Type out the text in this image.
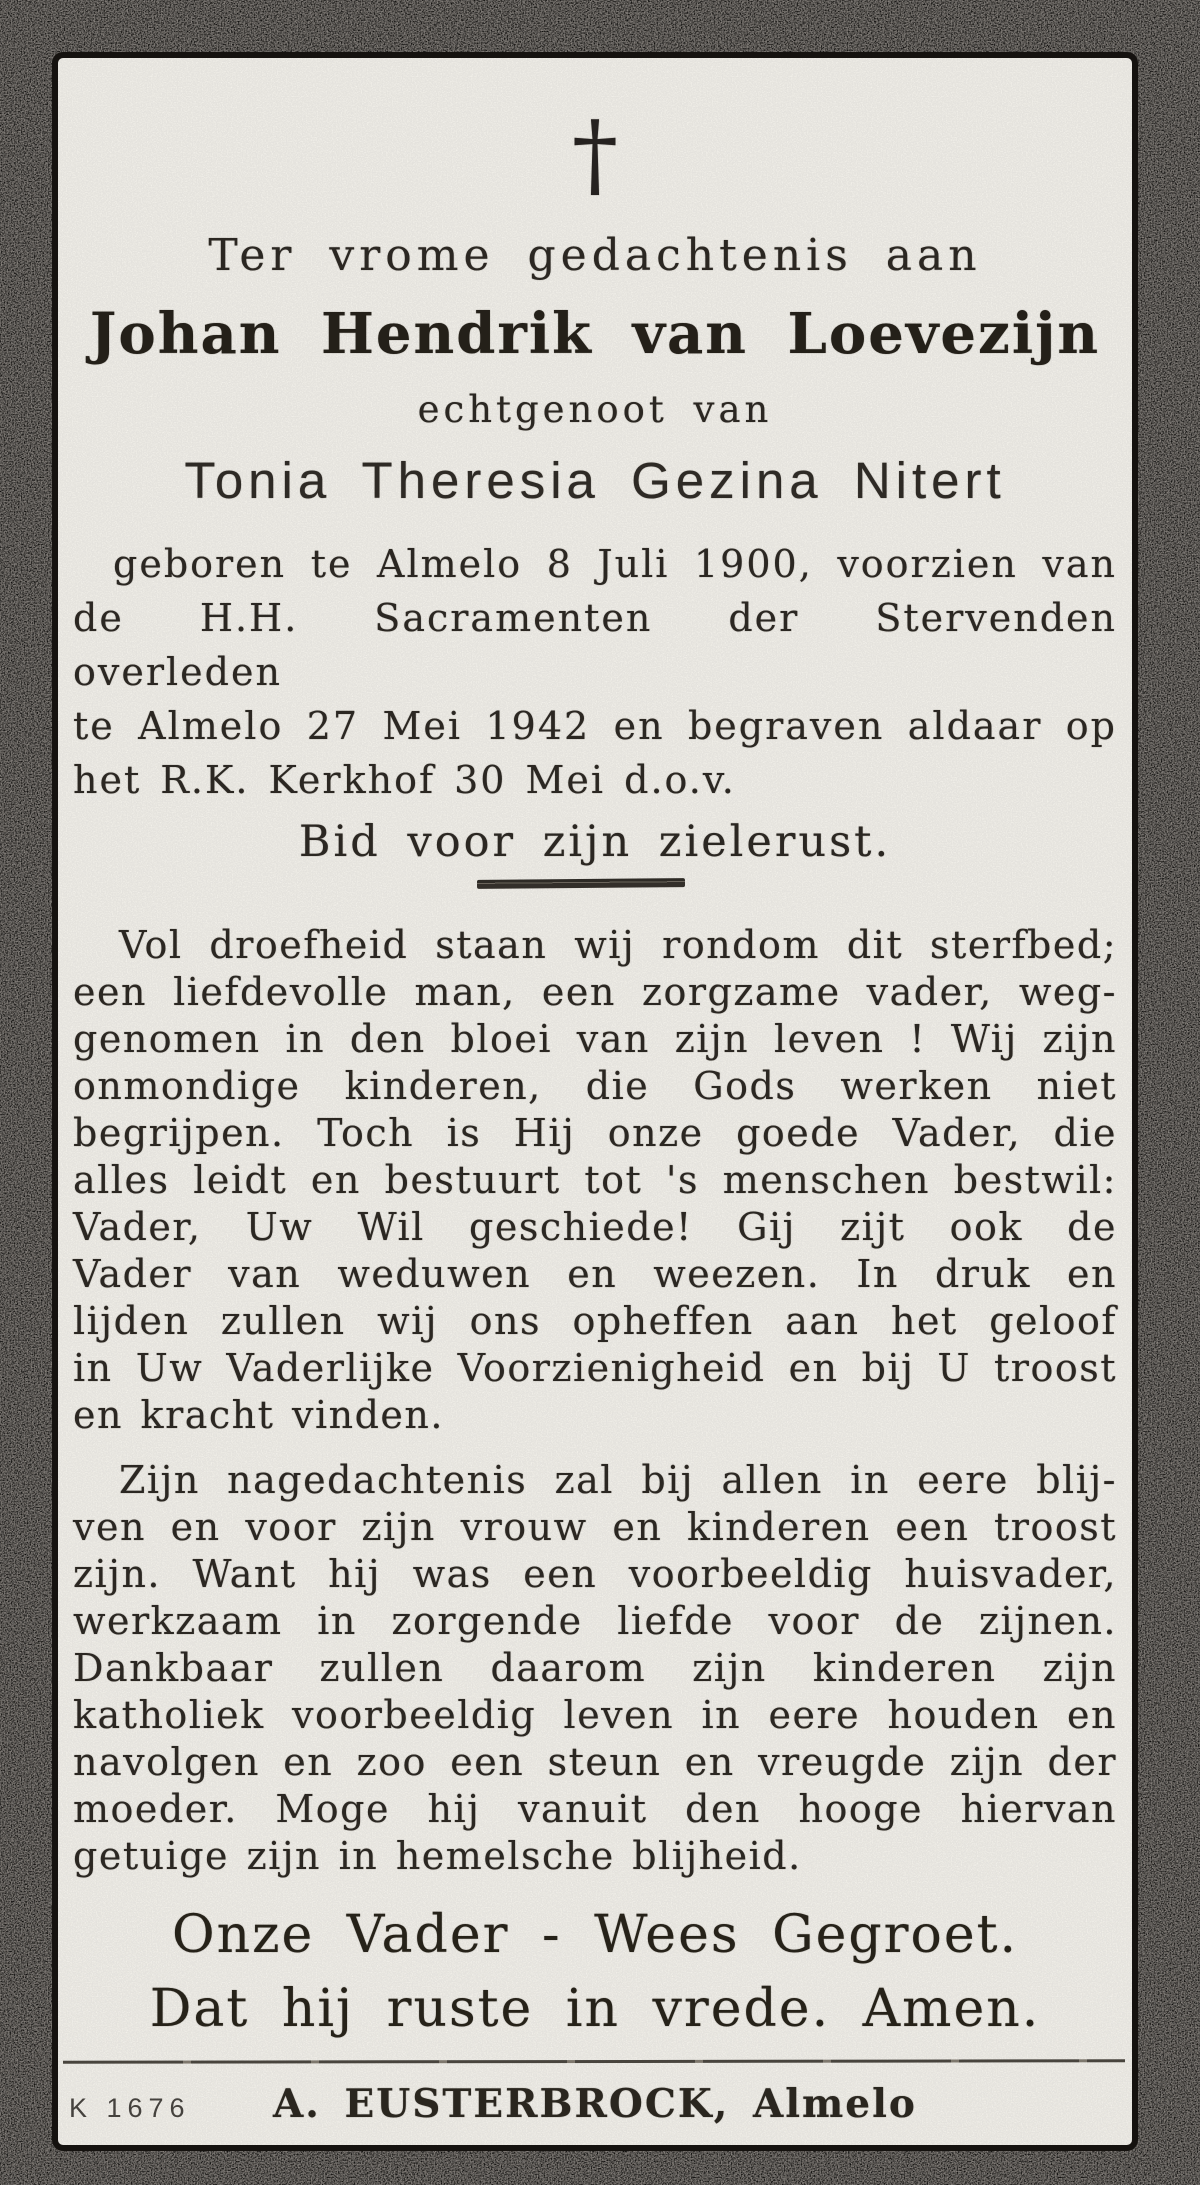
†
Ter vrome gedachtenis aan
Johan Hendrik van Loevezijn
echtgenoot van
Tonia Theresia Gezina Nitert
geboren te Almelo 8 Juli 1900, voorzien van
de H.H. Sacramenten der Stervenden overleden
te Almelo 27 Mei 1942 en begraven aldaar op
het R.K. Kerkhof 30 Mei d.o.v.
Bid voor zijn zielerust.
Vol droefheid staan wij rondom dit sterfbed;
een liefdevolle man, een zorgzame vader, weg-
genomen in den bloei van zijn leven ! Wij zijn
onmondige kinderen, die Gods werken niet
begrijpen. Toch is Hij onze goede Vader, die
alles leidt en bestuurt tot 's menschen bestwil:
Vader, Uw Wil geschiede! Gij zijt ook de
Vader van weduwen en weezen. In druk en
lijden zullen wij ons opheffen aan het geloof
in Uw Vaderlijke Voorzienigheid en bij U troost
en kracht vinden.
Zijn nagedachtenis zal bij allen in eere blij-
ven en voor zijn vrouw en kinderen een troost
zijn. Want hij was een voorbeeldig huisvader,
werkzaam in zorgende liefde voor de zijnen.
Dankbaar zullen daarom zijn kinderen zijn
katholiek voorbeeldig leven in eere houden en
navolgen en zoo een steun en vreugde zijn der
moeder. Moge hij vanuit den hooge hiervan
getuige zijn in hemelsche blijheid.
Onze Vader - Wees Gegroet.
Dat hij ruste in vrede. Amen.
A. EUSTERBROCK, Almelo
K 1676
